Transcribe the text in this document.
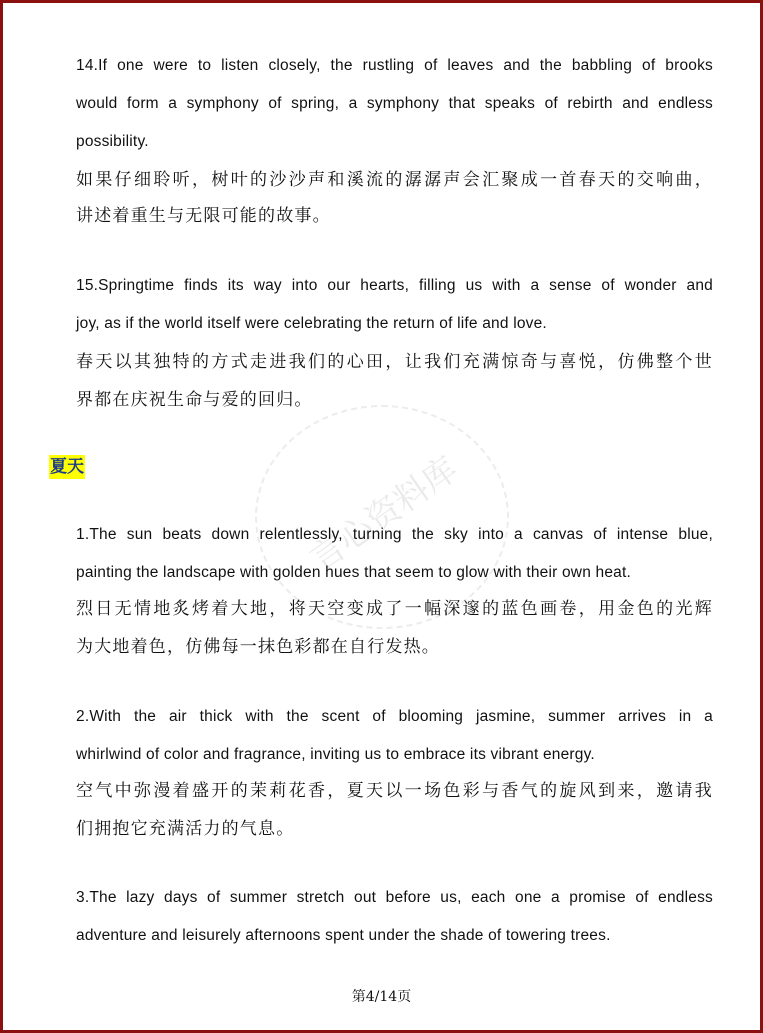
言心资料库
14.If one were to listen closely, the rustling of leaves and the babbling of brooks
would form a symphony of spring, a symphony that speaks of rebirth and endless
possibility.
如果仔细聆听，树叶的沙沙声和溪流的潺潺声会汇聚成一首春天的交响曲，
讲述着重生与无限可能的故事。
15.Springtime finds its way into our hearts, filling us with a sense of wonder and
joy, as if the world itself were celebrating the return of life and love.
春天以其独特的方式走进我们的心田，让我们充满惊奇与喜悦，仿佛整个世
界都在庆祝生命与爱的回归。
1.The sun beats down relentlessly, turning the sky into a canvas of intense blue,
painting the landscape with golden hues that seem to glow with their own heat.
烈日无情地炙烤着大地，将天空变成了一幅深邃的蓝色画卷，用金色的光辉
为大地着色，仿佛每一抹色彩都在自行发热。
2.With the air thick with the scent of blooming jasmine, summer arrives in a
whirlwind of color and fragrance, inviting us to embrace its vibrant energy.
空气中弥漫着盛开的茉莉花香，夏天以一场色彩与香气的旋风到来，邀请我
们拥抱它充满活力的气息。
3.The lazy days of summer stretch out before us, each one a promise of endless
adventure and leisurely afternoons spent under the shade of towering trees.
夏天
第4/14页
